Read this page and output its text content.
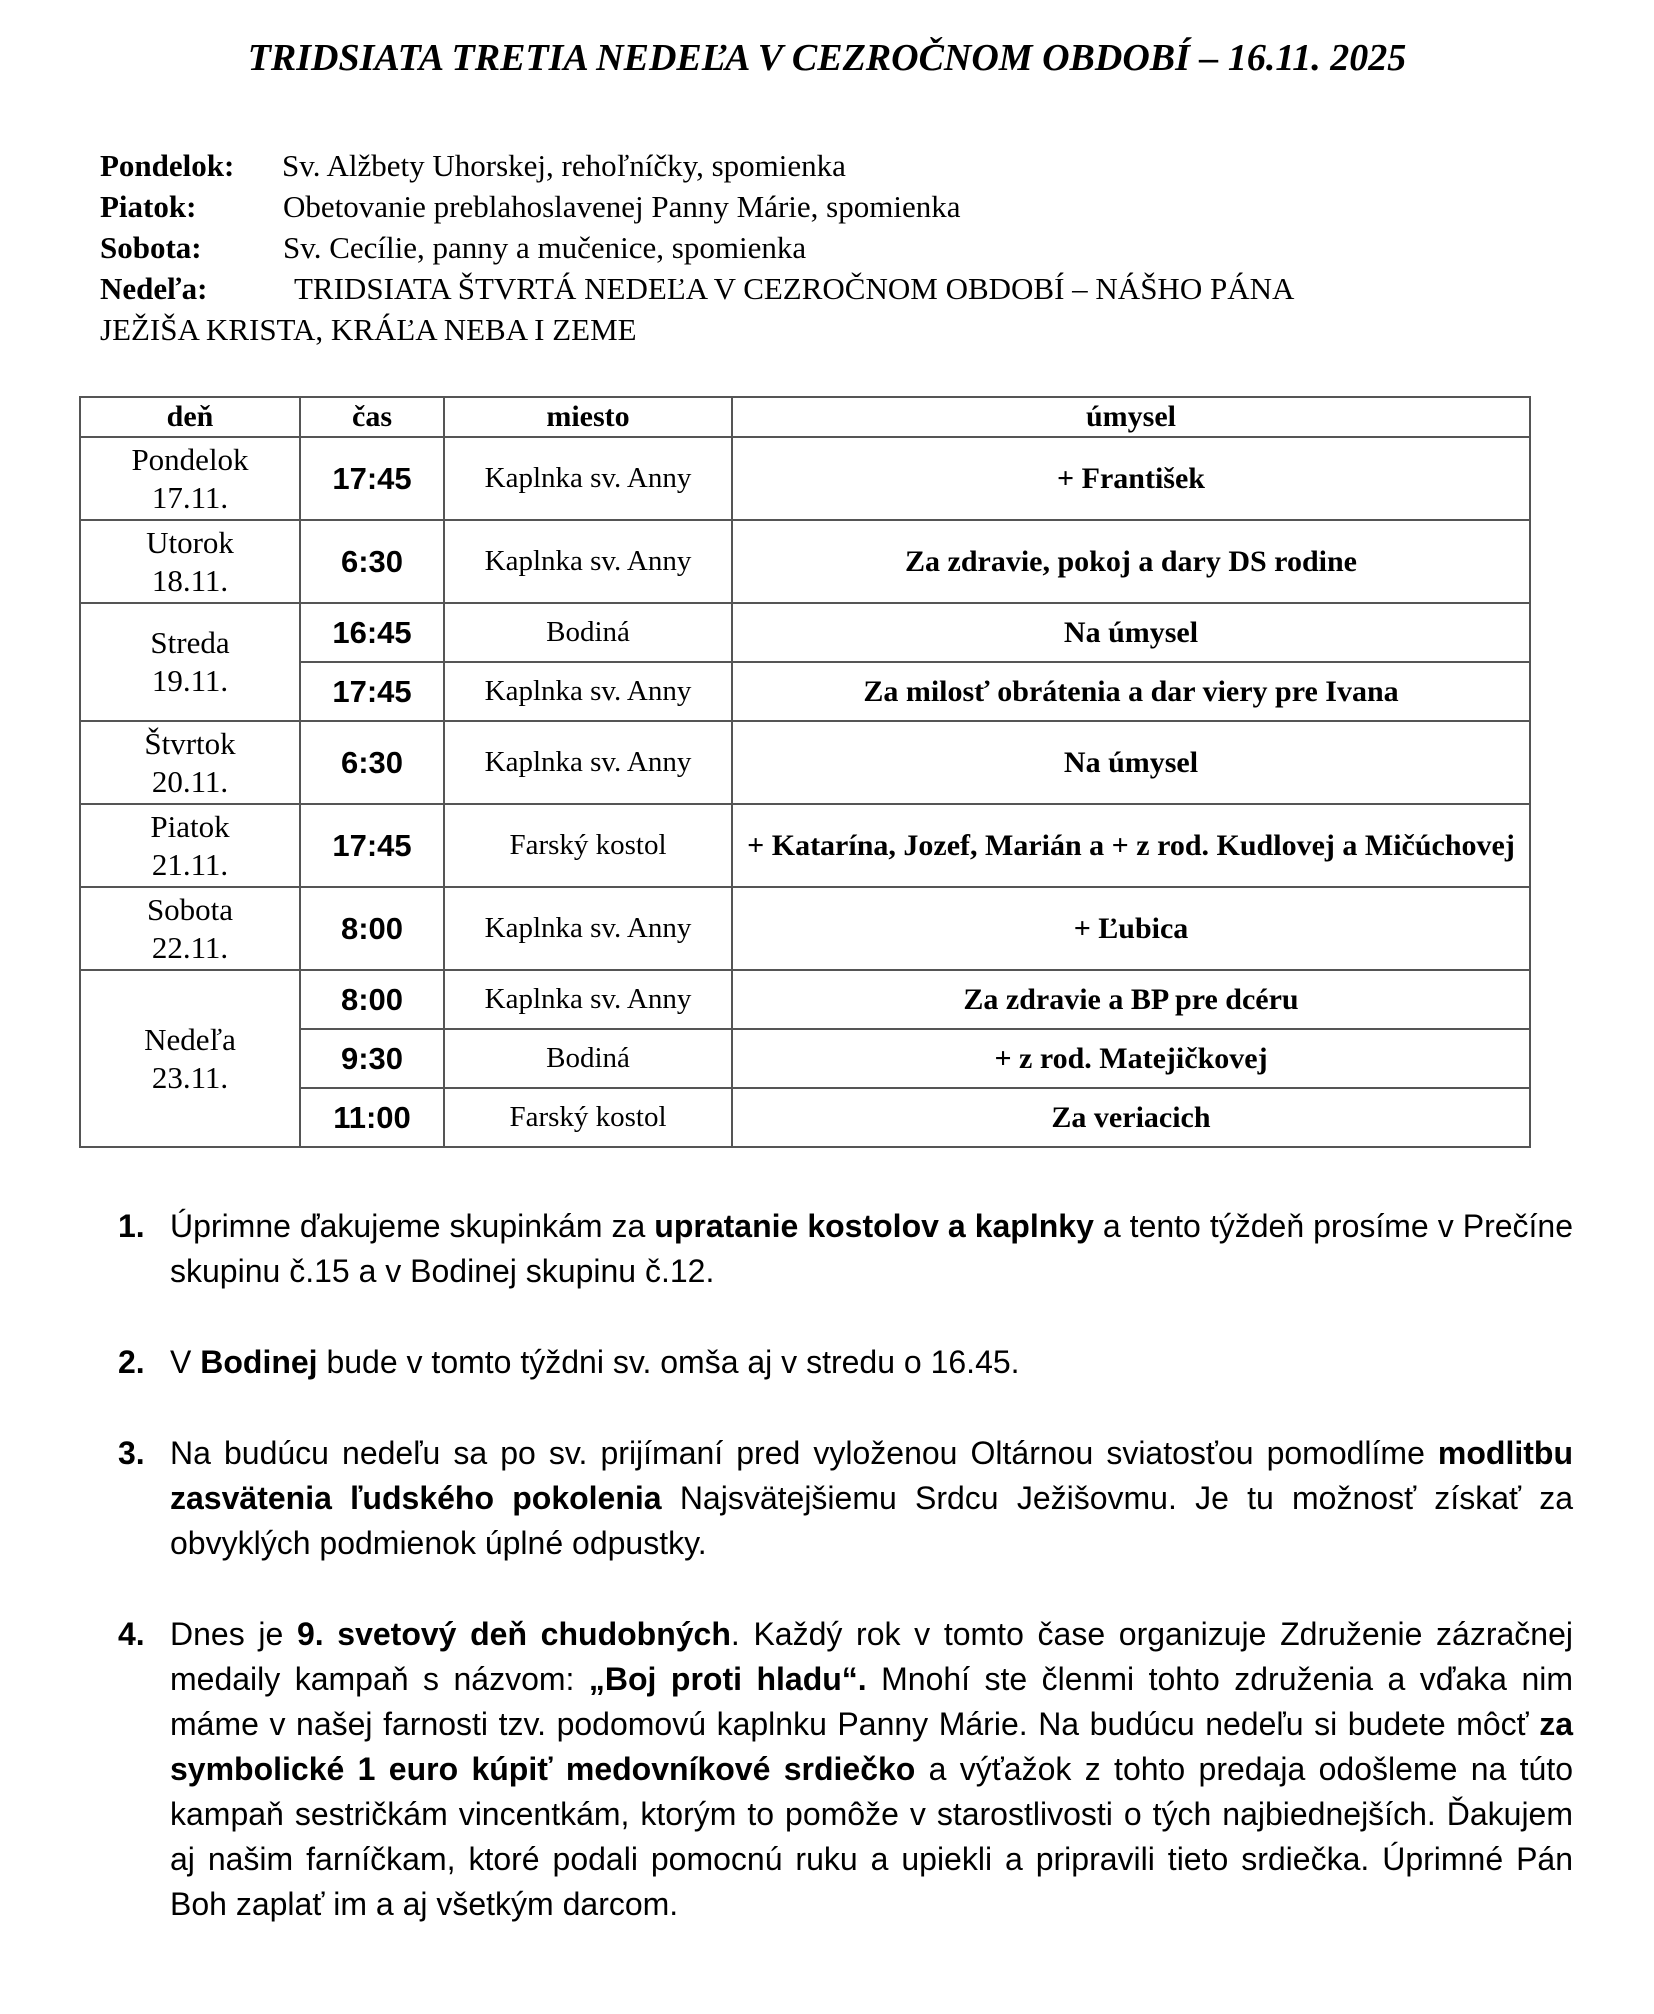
TRIDSIATA TRETIA NEDEĽA V CEZROČNOM OBDOBÍ – 16.11. 2025
Pondelok: Sv. Alžbety Uhorskej, rehoľníčky, spomienka
Piatok:	Obetovanie preblahoslavenej Panny Márie, spomienka
Sobota:	Sv. Cecílie, panny a mučenice, spomienka
Nedeľa:	TRIDSIATA ŠTVRTÁ NEDEĽA V CEZROČNOM OBDOBÍ – NÁŠHO PÁNA
JEŽIŠA KRISTA, KRÁĽA NEBA I ZEME
deň	čas	miesto	úmysel

Pondelok
17.11.	17:45	Kaplnka sv. Anny	+ František

Utorok
18.11.	6:30	Kaplnka sv. Anny	Za zdravie, pokoj a dary DS rodine

Streda
19.11.	16:45	Bodiná	Na úmysel
	17:45	Kaplnka sv. Anny	Za milosť obrátenia a dar viery pre Ivana

Štvrtok
20.11.	6:30	Kaplnka sv. Anny	Na úmysel

Piatok
21.11.	17:45	Farský kostol	+ Katarína, Jozef, Marián a + z rod. Kudlovej a Mičúchovej

Sobota
22.11.	8:00	Kaplnka sv. Anny	+ Ľubica

Nedeľa
23.11.	8:00	Kaplnka sv. Anny	Za zdravie a BP pre dcéru
	9:30	Bodiná	+ z rod. Matejičkovej
	11:00	Farský kostol	Za veriacich
1. Úprimne ďakujeme skupinkám za upratanie kostolov a kaplnky a tento týždeň prosíme v Prečíne skupinu č.15 a v Bodinej skupinu č.12.
2. V Bodinej bude v tomto týždni sv. omša aj v stredu o 16.45.
3. Na budúcu nedeľu sa po sv. prijímaní pred vyloženou Oltárnou sviatosťou pomodlíme modlitbu zasvätenia ľudského pokolenia Najsvätejšiemu Srdcu Ježišovmu. Je tu možnosť získať za obvyklých podmienok úplné odpustky.
4. Dnes je 9. svetový deň chudobných. Každý rok v tomto čase organizuje Združenie zázračnej medaily kampaň s názvom: „Boj proti hladu“. Mnohí ste členmi tohto združenia a vďaka nim máme v našej farnosti tzv. podomovú kaplnku Panny Márie. Na budúcu nedeľu si budete môcť za symbolické 1 euro kúpiť medovníkové srdiečko a výťažok z tohto predaja odošleme na túto kampaň sestričkám vincentkám, ktorým to pomôže v starostlivosti o tých najbiednejších. Ďakujem aj našim farníčkam, ktoré podali pomocnú ruku a upiekli a pripravili tieto srdiečka. Úprimné Pán Boh zaplať im a aj všetkým darcom.
